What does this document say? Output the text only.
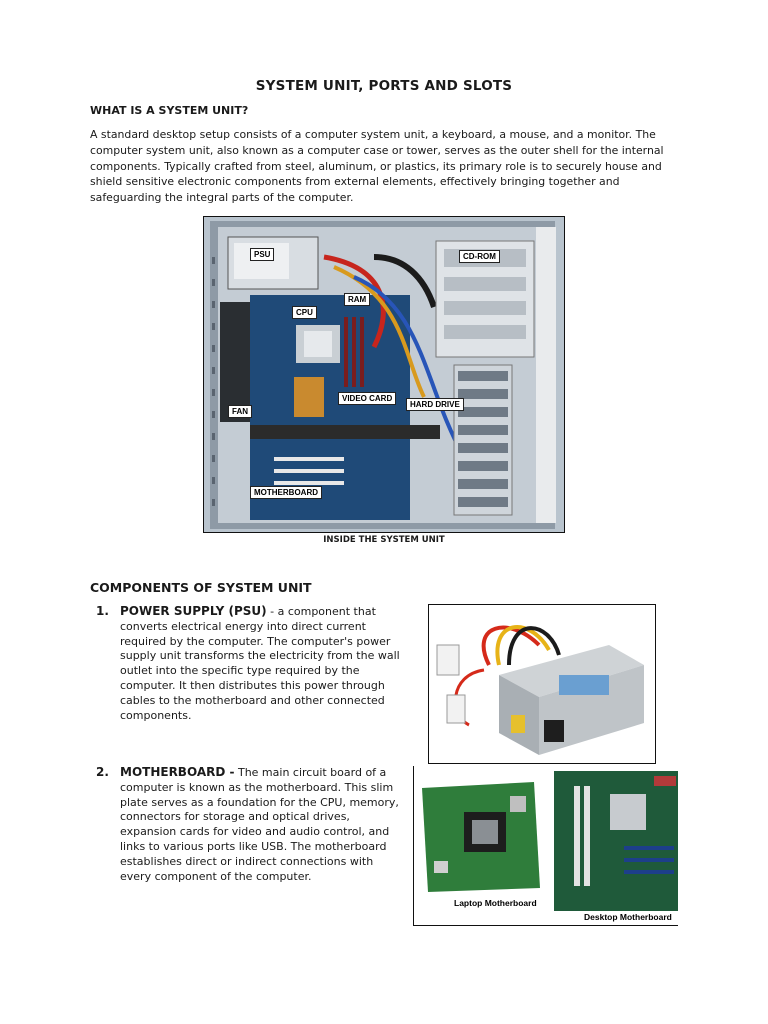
SYSTEM UNIT, PORTS AND SLOTS
WHAT IS A SYSTEM UNIT?
A standard desktop setup consists of a computer system unit, a keyboard, a mouse, and a monitor. The computer system unit, also known as a computer case or tower, serves as the outer shell for the internal components. Typically crafted from steel, aluminum, or plastics, its primary role is to securely house and shield sensitive electronic components from external elements, effectively bringing together and safeguarding the integral parts of the computer.
PSU	CD-ROM
RAM
CPU
FAN
VIDEO CARD
HARD DRIVE
MOTHERBOARD
INSIDE THE SYSTEM UNIT
COMPONENTS OF SYSTEM UNIT
1. POWER SUPPLY (PSU) - a component that converts electrical energy into direct current required by the computer. The computer's power supply unit transforms the electricity from the wall outlet into the specific type required by the computer. It then distributes this power through cables to the motherboard and other connected components.
2. MOTHERBOARD - The main circuit board of a computer is known as the motherboard. This slim plate serves as a foundation for the CPU, memory, connectors for storage and optical drives, expansion cards for video and audio control, and links to various ports like USB. The motherboard establishes direct or indirect connections with every component of the computer.
Laptop Motherboard
Desktop Motherboard
